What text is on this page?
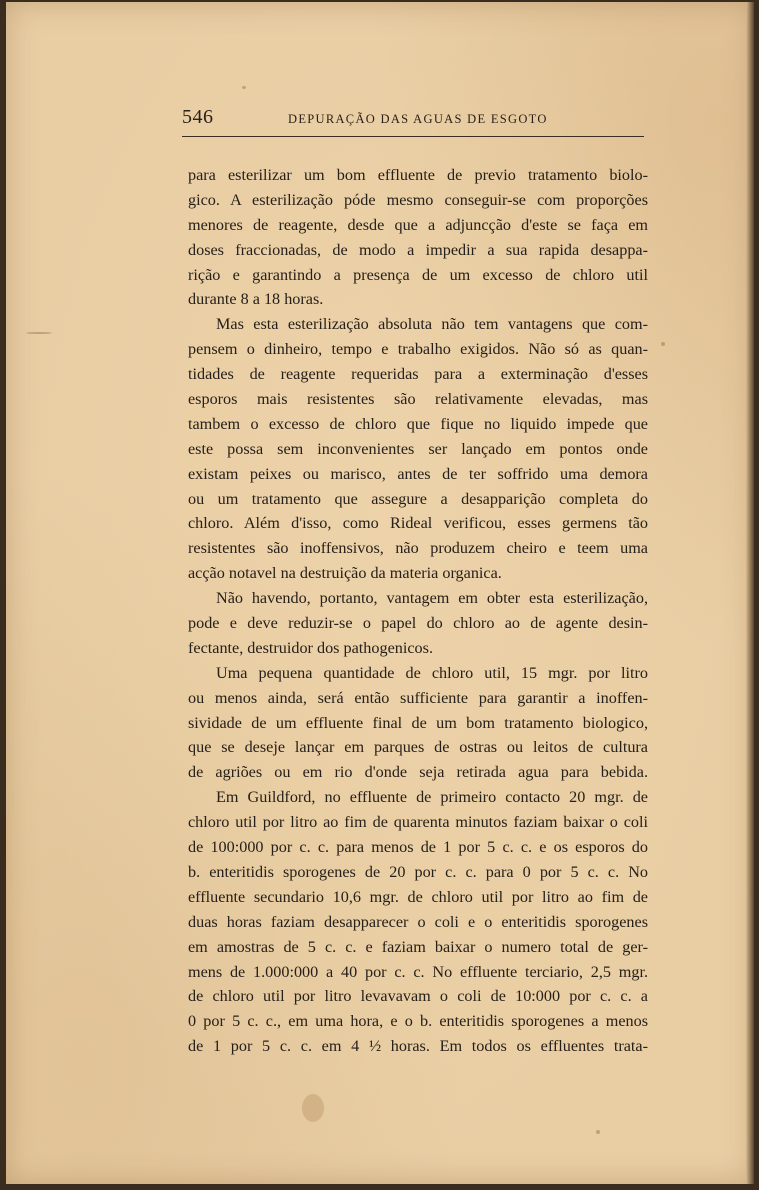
546	DEPURAÇÃO DAS AGUAS DE ESGOTO
para esterilizar um bom effluente de previo tratamento biolo-
gico. A esterilização póde mesmo conseguir-se com proporções
menores de reagente, desde que a adjuncção d'este se faça em
doses fraccionadas, de modo a impedir a sua rapida desappa-
rição e garantindo a presença de um excesso de chloro util
durante 8 a 18 horas.
Mas esta esterilização absoluta não tem vantagens que com-
pensem o dinheiro, tempo e trabalho exigidos. Não só as quan-
tidades de reagente requeridas para a exterminação d'esses
esporos mais resistentes são relativamente elevadas, mas
tambem o excesso de chloro que fique no liquido impede que
este possa sem inconvenientes ser lançado em pontos onde
existam peixes ou marisco, antes de ter soffrido uma demora
ou um tratamento que assegure a desapparição completa do
chloro. Além d'isso, como Rideal verificou, esses germens tão
resistentes são inoffensivos, não produzem cheiro e teem uma
acção notavel na destruição da materia organica.
Não havendo, portanto, vantagem em obter esta esterilização,
pode e deve reduzir-se o papel do chloro ao de agente desin-
fectante, destruidor dos pathogenicos.
Uma pequena quantidade de chloro util, 15 mgr. por litro
ou menos ainda, será então sufficiente para garantir a inoffen-
sividade de um effluente final de um bom tratamento biologico,
que se deseje lançar em parques de ostras ou leitos de cultura
de agriões ou em rio d'onde seja retirada agua para bebida.
Em Guildford, no effluente de primeiro contacto 20 mgr. de
chloro util por litro ao fim de quarenta minutos faziam baixar o coli
de 100:000 por c. c. para menos de 1 por 5 c. c. e os esporos do
b. enteritidis sporogenes de 20 por c. c. para 0 por 5 c. c. No
effluente secundario 10,6 mgr. de chloro util por litro ao fim de
duas horas faziam desapparecer o coli e o enteritidis sporogenes
em amostras de 5 c. c. e faziam baixar o numero total de ger-
mens de 1.000:000 a 40 por c. c. No effluente terciario, 2,5 mgr.
de chloro util por litro levavavam o coli de 10:000 por c. c. a
0 por 5 c. c., em uma hora, e o b. enteritidis sporogenes a menos
de 1 por 5 c. c. em 4 ½ horas. Em todos os effluentes trata-
